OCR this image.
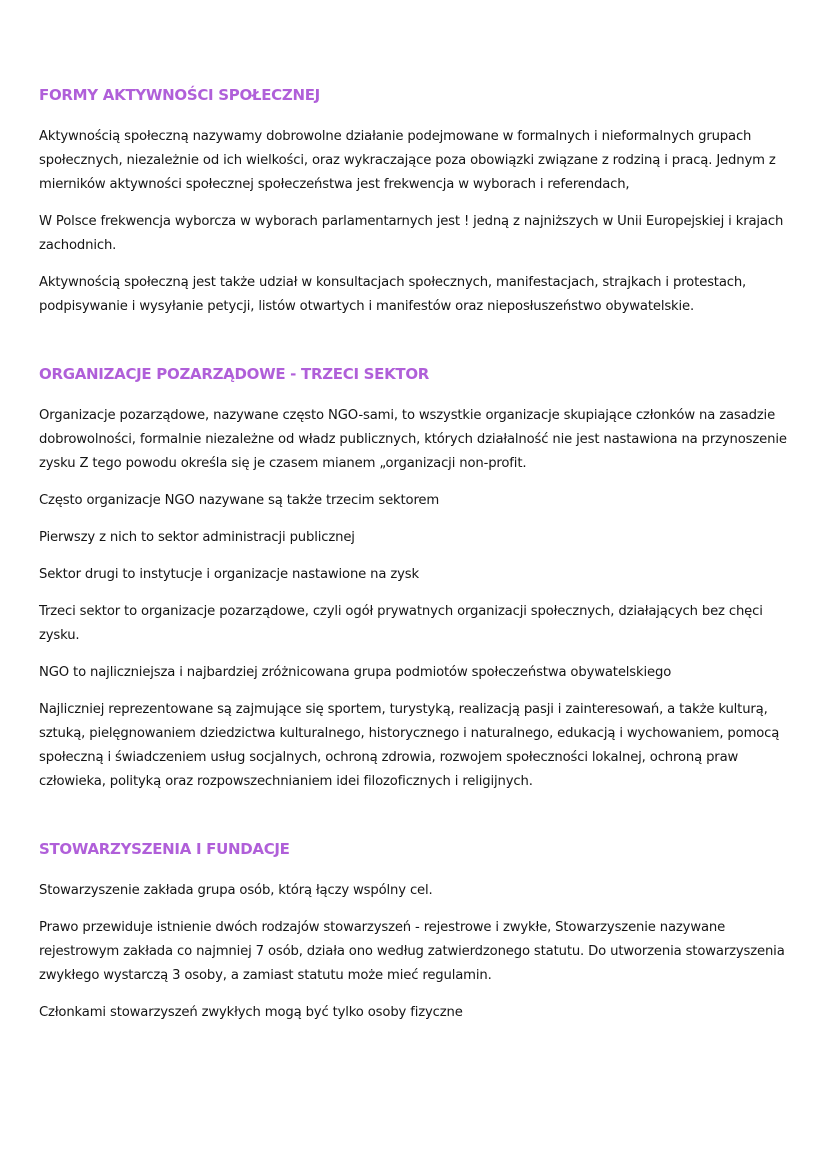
FORMY AKTYWNOŚCI SPOŁECZNEJ

Aktywnością społeczną nazywamy dobrowolne działanie podejmowane w formalnych i nieformalnych grupach społecznych, niezależnie od ich wielkości, oraz wykraczające poza obowiązki związane z rodziną i pracą. Jednym z mierników aktywności społecznej społeczeństwa jest frekwencja w wyborach i referendach,

W Polsce frekwencja wyborcza w wyborach parlamentarnych jest ! jedną z najniższych w Unii Europejskiej i krajach zachodnich.

Aktywnością społeczną jest także udział w konsultacjach społecznych, manifestacjach, strajkach i protestach, podpisywanie i wysyłanie petycji, listów otwartych i manifestów oraz nieposłuszeństwo obywatelskie.

ORGANIZACJE POZARZĄDOWE - TRZECI SEKTOR

Organizacje pozarządowe, nazywane często NGO-sami, to wszystkie organizacje skupiające członków na zasadzie dobrowolności, formalnie niezależne od władz publicznych, których działalność nie jest nastawiona na przynoszenie zysku Z tego powodu określa się je czasem mianem „organizacji non-profit.

Często organizacje NGO nazywane są także trzecim sektorem

Pierwszy z nich to sektor administracji publicznej

Sektor drugi to instytucje i organizacje nastawione na zysk

Trzeci sektor to organizacje pozarządowe, czyli ogół prywatnych organizacji społecznych, działających bez chęci zysku.

NGO to najliczniejsza i najbardziej zróżnicowana grupa podmiotów społeczeństwa obywatelskiego

Najliczniej reprezentowane są zajmujące się sportem, turystyką, realizacją pasji i zainteresowań, a także kulturą, sztuką, pielęgnowaniem dziedzictwa kulturalnego, historycznego i naturalnego, edukacją i wychowaniem, pomocą społeczną i świadczeniem usług socjalnych, ochroną zdrowia, rozwojem społeczności lokalnej, ochroną praw człowieka, polityką oraz rozpowszechnianiem idei filozoficznych i religijnych.

STOWARZYSZENIA I FUNDACJE

Stowarzyszenie zakłada grupa osób, którą łączy wspólny cel.

Prawo przewiduje istnienie dwóch rodzajów stowarzyszeń - rejestrowe i zwykłe, Stowarzyszenie nazywane rejestrowym zakłada co najmniej 7 osób, działa ono według zatwierdzonego statutu. Do utworzenia stowarzyszenia zwykłego wystarczą 3 osoby, a zamiast statutu może mieć regulamin.

Członkami stowarzyszeń zwykłych mogą być tylko osoby fizyczne
